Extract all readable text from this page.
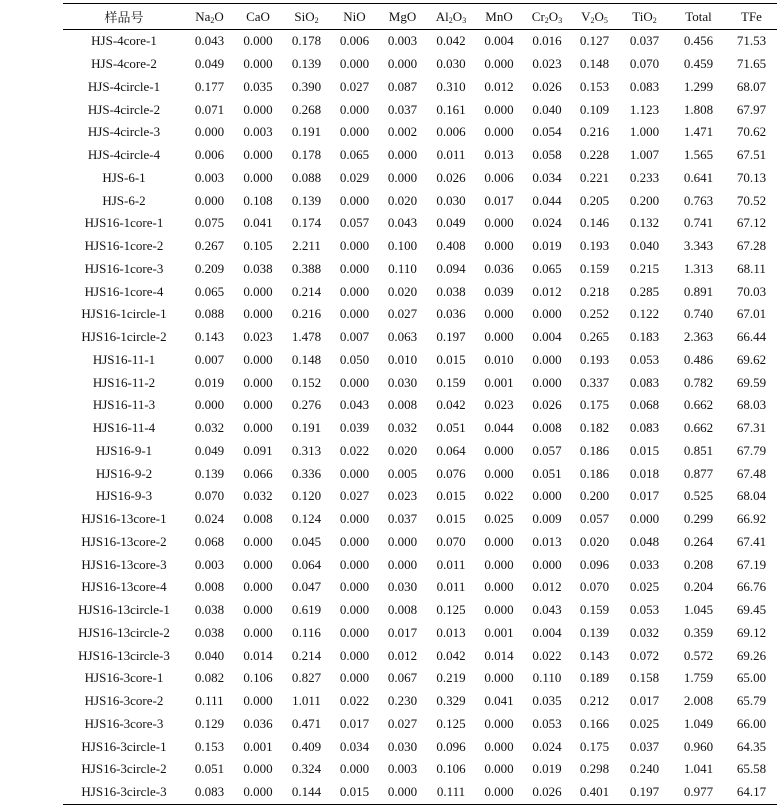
样品号	$Na_2O$	CaO	SiO$_2$	NiO	MgO	$Al_2O_3$	MnO	$Cr_2O_3$	$V_2O_5$	TiO$_2$	Total	TFe
HJS-4core-1	0.043	0.000	0.178	0.006	0.003	0.042	0.004	0.016	0.127	0.037	0.456	71.53
HJS-4core-2	0.049	0.000	0.139	0.000	0.000	0.030	0.000	0.023	0.148	0.070	0.459	71.65
HJS-4circle-1	0.177	0.035	0.390	0.027	0.087	0.310	0.012	0.026	0.153	0.083	1.299	68.07
HJS-4circle-2	0.071	0.000	0.268	0.000	0.037	0.161	0.000	0.040	0.109	1.123	1.808	67.97
HJS-4circle-3	0.000	0.003	0.191	0.000	0.002	0.006	0.000	0.054	0.216	1.000	1.471	70.62
HJS-4circle-4	0.006	0.000	0.178	0.065	0.000	0.011	0.013	0.058	0.228	1.007	1.565	67.51
HJS-6-1	0.003	0.000	0.088	0.029	0.000	0.026	0.006	0.034	0.221	0.233	0.641	70.13
HJS-6-2	0.000	0.108	0.139	0.000	0.020	0.030	0.017	0.044	0.205	0.200	0.763	70.52
HJS16-1core-1	0.075	0.041	0.174	0.057	0.043	0.049	0.000	0.024	0.146	0.132	0.741	67.12
HJS16-1core-2	0.267	0.105	2.211	0.000	0.100	0.408	0.000	0.019	0.193	0.040	3.343	67.28
HJS16-1core-3	0.209	0.038	0.388	0.000	0.110	0.094	0.036	0.065	0.159	0.215	1.313	68.11
HJS16-1core-4	0.065	0.000	0.214	0.000	0.020	0.038	0.039	0.012	0.218	0.285	0.891	70.03
HJS16-1circle-1	0.088	0.000	0.216	0.000	0.027	0.036	0.000	0.000	0.252	0.122	0.740	67.01
HJS16-1circle-2	0.143	0.023	1.478	0.007	0.063	0.197	0.000	0.004	0.265	0.183	2.363	66.44
HJS16-11-1	0.007	0.000	0.148	0.050	0.010	0.015	0.010	0.000	0.193	0.053	0.486	69.62
HJS16-11-2	0.019	0.000	0.152	0.000	0.030	0.159	0.001	0.000	0.337	0.083	0.782	69.59
HJS16-11-3	0.000	0.000	0.276	0.043	0.008	0.042	0.023	0.026	0.175	0.068	0.662	68.03
HJS16-11-4	0.032	0.000	0.191	0.039	0.032	0.051	0.044	0.008	0.182	0.083	0.662	67.31
HJS16-9-1	0.049	0.091	0.313	0.022	0.020	0.064	0.000	0.057	0.186	0.015	0.851	67.79
HJS16-9-2	0.139	0.066	0.336	0.000	0.005	0.076	0.000	0.051	0.186	0.018	0.877	67.48
HJS16-9-3	0.070	0.032	0.120	0.027	0.023	0.015	0.022	0.000	0.200	0.017	0.525	68.04
HJS16-13core-1	0.024	0.008	0.124	0.000	0.037	0.015	0.025	0.009	0.057	0.000	0.299	66.92
HJS16-13core-2	0.068	0.000	0.045	0.000	0.000	0.070	0.000	0.013	0.020	0.048	0.264	67.41
HJS16-13core-3	0.003	0.000	0.064	0.000	0.000	0.011	0.000	0.000	0.096	0.033	0.208	67.19
HJS16-13core-4	0.008	0.000	0.047	0.000	0.030	0.011	0.000	0.012	0.070	0.025	0.204	66.76
HJS16-13circle-1	0.038	0.000	0.619	0.000	0.008	0.125	0.000	0.043	0.159	0.053	1.045	69.45
HJS16-13circle-2	0.038	0.000	0.116	0.000	0.017	0.013	0.001	0.004	0.139	0.032	0.359	69.12
HJS16-13circle-3	0.040	0.014	0.214	0.000	0.012	0.042	0.014	0.022	0.143	0.072	0.572	69.26
HJS16-3core-1	0.082	0.106	0.827	0.000	0.067	0.219	0.000	0.110	0.189	0.158	1.759	65.00
HJS16-3core-2	0.111	0.000	1.011	0.022	0.230	0.329	0.041	0.035	0.212	0.017	2.008	65.79
HJS16-3core-3	0.129	0.036	0.471	0.017	0.027	0.125	0.000	0.053	0.166	0.025	1.049	66.00
HJS16-3circle-1	0.153	0.001	0.409	0.034	0.030	0.096	0.000	0.024	0.175	0.037	0.960	64.35
HJS16-3circle-2	0.051	0.000	0.324	0.000	0.003	0.106	0.000	0.019	0.298	0.240	1.041	65.58
HJS16-3circle-3	0.083	0.000	0.144	0.015	0.000	0.111	0.000	0.026	0.401	0.197	0.977	64.17
